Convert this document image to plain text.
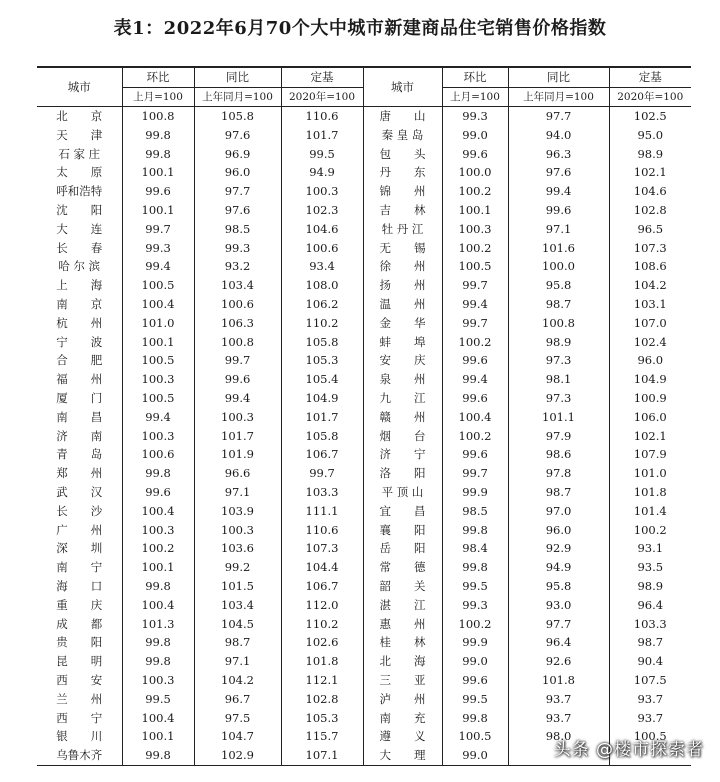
表1：2022年6月70个大中城市新建商品住宅销售价格指数
城市	环比	同比	定基	城市	环比	同比	定基
	上月=100	上年同月=100	2020年=100		上月=100	上年同月=100	2020年=100
北　　京	100.8	105.8	110.6	唐　　山	99.3	97.7	102.5
天　　津	99.8	97.6	101.7	秦 皇 岛	99.0	94.0	95.0
石 家 庄	99.8	96.9	99.5	包　　头	99.6	96.3	98.9
太　　原	100.1	96.0	94.9	丹　　东	100.0	97.6	102.1
呼和浩特	99.6	97.7	100.3	锦　　州	100.2	99.4	104.6
沈　　阳	100.1	97.6	102.3	吉　　林	100.1	99.6	102.8
大　　连	99.7	98.5	104.6	牡 丹 江	100.3	97.1	96.5
长　　春	99.3	99.3	100.6	无　　锡	100.2	101.6	107.3
哈 尔 滨	99.4	93.2	93.4	徐　　州	100.5	100.0	108.6
上　　海	100.5	103.4	108.0	扬　　州	99.7	95.8	104.2
南　　京	100.4	100.6	106.2	温　　州	99.4	98.7	103.1
杭　　州	101.0	106.3	110.2	金　　华	99.7	100.8	107.0
宁　　波	100.1	100.8	105.8	蚌　　埠	100.2	98.9	102.4
合　　肥	100.5	99.7	105.3	安　　庆	99.6	97.3	96.0
福　　州	100.3	99.6	105.4	泉　　州	99.4	98.1	104.9
厦　　门	100.5	99.4	104.9	九　　江	99.6	97.3	100.9
南　　昌	99.4	100.3	101.7	赣　　州	100.4	101.1	106.0
济　　南	100.3	101.7	105.8	烟　　台	100.2	97.9	102.1
青　　岛	100.6	101.9	106.7	济　　宁	99.6	98.6	107.9
郑　　州	99.8	96.6	99.7	洛　　阳	99.7	97.8	101.0
武　　汉	99.6	97.1	103.3	平 顶 山	99.9	98.7	101.8
长　　沙	100.4	103.9	111.1	宜　　昌	98.5	97.0	101.4
广　　州	100.3	100.3	110.6	襄　　阳	99.8	96.0	100.2
深　　圳	100.2	103.6	107.3	岳　　阳	98.4	92.9	93.1
南　　宁	100.1	99.2	104.4	常　　德	99.8	94.9	93.5
海　　口	99.8	101.5	106.7	韶　　关	99.5	95.8	98.9
重　　庆	100.4	103.4	112.0	湛　　江	99.3	93.0	96.4
成　　都	101.3	104.5	110.2	惠　　州	100.2	97.7	103.3
贵　　阳	99.8	98.7	102.6	桂　　林	99.9	96.4	98.7
昆　　明	99.8	97.1	101.8	北　　海	99.0	92.6	90.4
西　　安	100.3	104.2	112.1	三　　亚	99.6	101.8	107.5
兰　　州	99.5	96.7	102.8	泸　　州	99.5	93.7	93.7
西　　宁	100.4	97.5	105.3	南　　充	99.8	93.7	93.7
银　　川	100.1	104.7	115.7	遵　　义	100.5	98.0	100.5
乌鲁木齐	99.8	102.9	107.1	大　　理	99.0			头条 @楼市探索者
